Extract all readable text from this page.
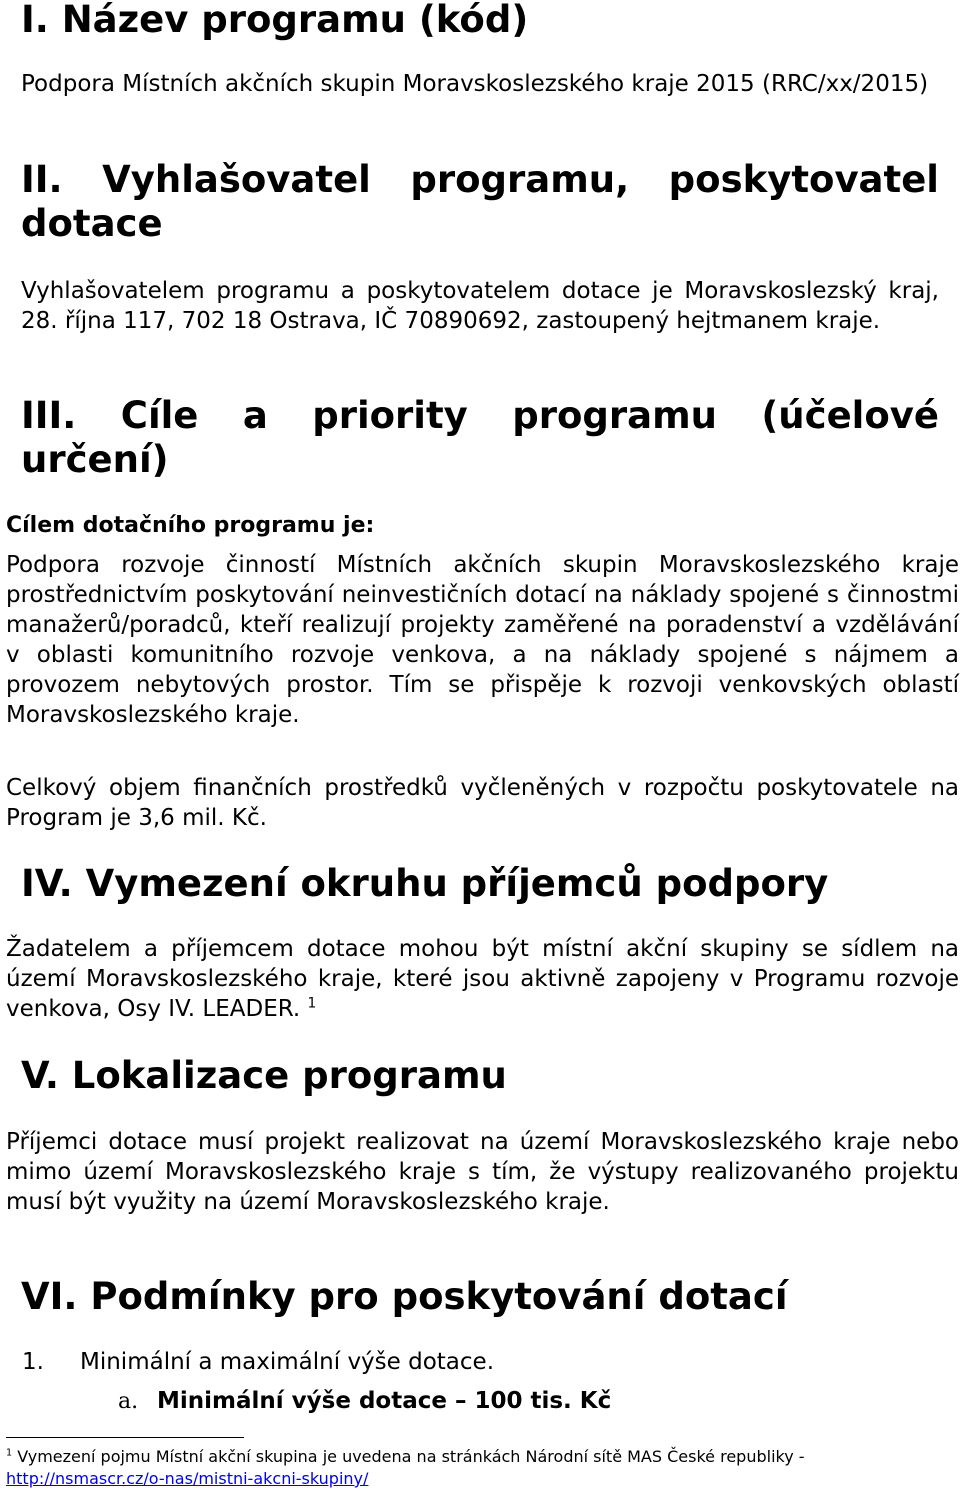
I. Název programu (kód)

Podpora Místních akčních skupin Moravskoslezského kraje 2015 (RRC/xx/2015)

II. Vyhlašovatel programu, poskytovatel dotace

Vyhlašovatelem programu a poskytovatelem dotace je Moravskoslezský kraj, 28. října 117, 702 18 Ostrava, IČ 70890692, zastoupený hejtmanem kraje.

III. Cíle a priority programu (účelové určení)

Cílem dotačního programu je:

Podpora rozvoje činností Místních akčních skupin Moravskoslezského kraje prostřednictvím poskytování neinvestičních dotací na náklady spojené s činnostmi manažerů/poradců, kteří realizují projekty zaměřené na poradenství a vzdělávání v oblasti komunitního rozvoje venkova, a na náklady spojené s nájmem a provozem nebytových prostor. Tím se přispěje k rozvoji venkovských oblastí Moravskoslezského kraje.

Celkový objem finančních prostředků vyčleněných v rozpočtu poskytovatele na Program je 3,6 mil. Kč.

IV. Vymezení okruhu příjemců podpory

Žadatelem a příjemcem dotace mohou být místní akční skupiny se sídlem na území Moravskoslezského kraje, které jsou aktivně zapojeny v Programu rozvoje venkova, Osy IV. LEADER. $^1$

V. Lokalizace programu

Příjemci dotace musí projekt realizovat na území Moravskoslezského kraje nebo mimo území Moravskoslezského kraje s tím, že výstupy realizovaného projektu musí být využity na území Moravskoslezského kraje.

VI. Podmínky pro poskytování dotací
1. Minimální a maximální výše dotace.
a. Minimální výše dotace – 100 tis. Kč
$^1$ Vymezení pojmu Místní akční skupina je uvedena na stránkách Národní sítě MAS České republiky -
http://nsmascr.cz/o-nas/mistni-akcni-skupiny/
